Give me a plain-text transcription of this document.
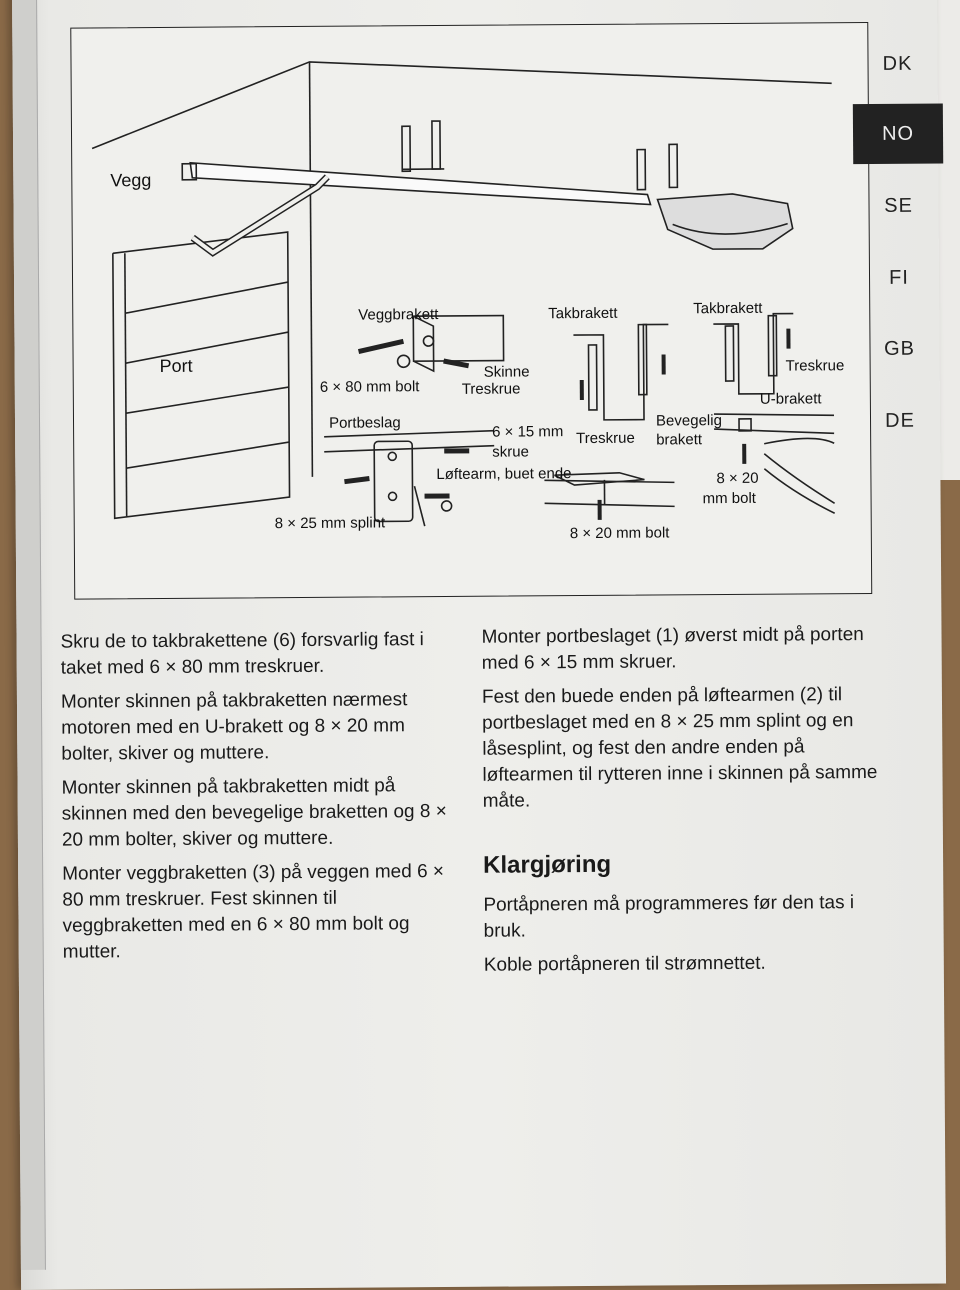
Vegg
Port
Veggbrakett
6 × 80 mm bolt
Skinne
Treskrue
Takbrakett	Takbrakett
Treskrue
U-brakett
Portbeslag
6 × 15 mm
skrue
Løftearm, buet ende
Treskrue
Bevegelig
brakett
8 × 20
mm bolt
8 × 25 mm splint
8 × 20 mm bolt
DK
NO
SE
FI
GB
DE

Skru de to takbrakettene (6) forsvarlig fast i taket med 6 × 80 mm treskruer.

Monter skinnen på takbraketten nærmest motoren med en U-brakett og 8 × 20 mm bolter, skiver og muttere.

Monter skinnen på takbraketten midt på skinnen med den bevegelige braketten og 8 × 20 mm bolter, skiver og muttere.

Monter veggbraketten (3) på veggen med 6 × 80 mm treskruer. Fest skinnen til veggbraketten med en 6 × 80 mm bolt og mutter.

Monter portbeslaget (1) øverst midt på porten med 6 × 15 mm skruer.

Fest den buede enden på løftearmen (2) til portbeslaget med en 8 × 25 mm splint og en låsesplint, og fest den andre enden på løftearmen til rytteren inne i skinnen på samme måte.

Klargjøring

Portåpneren må programmeres før den tas i bruk.

Koble portåpneren til strømnettet.
